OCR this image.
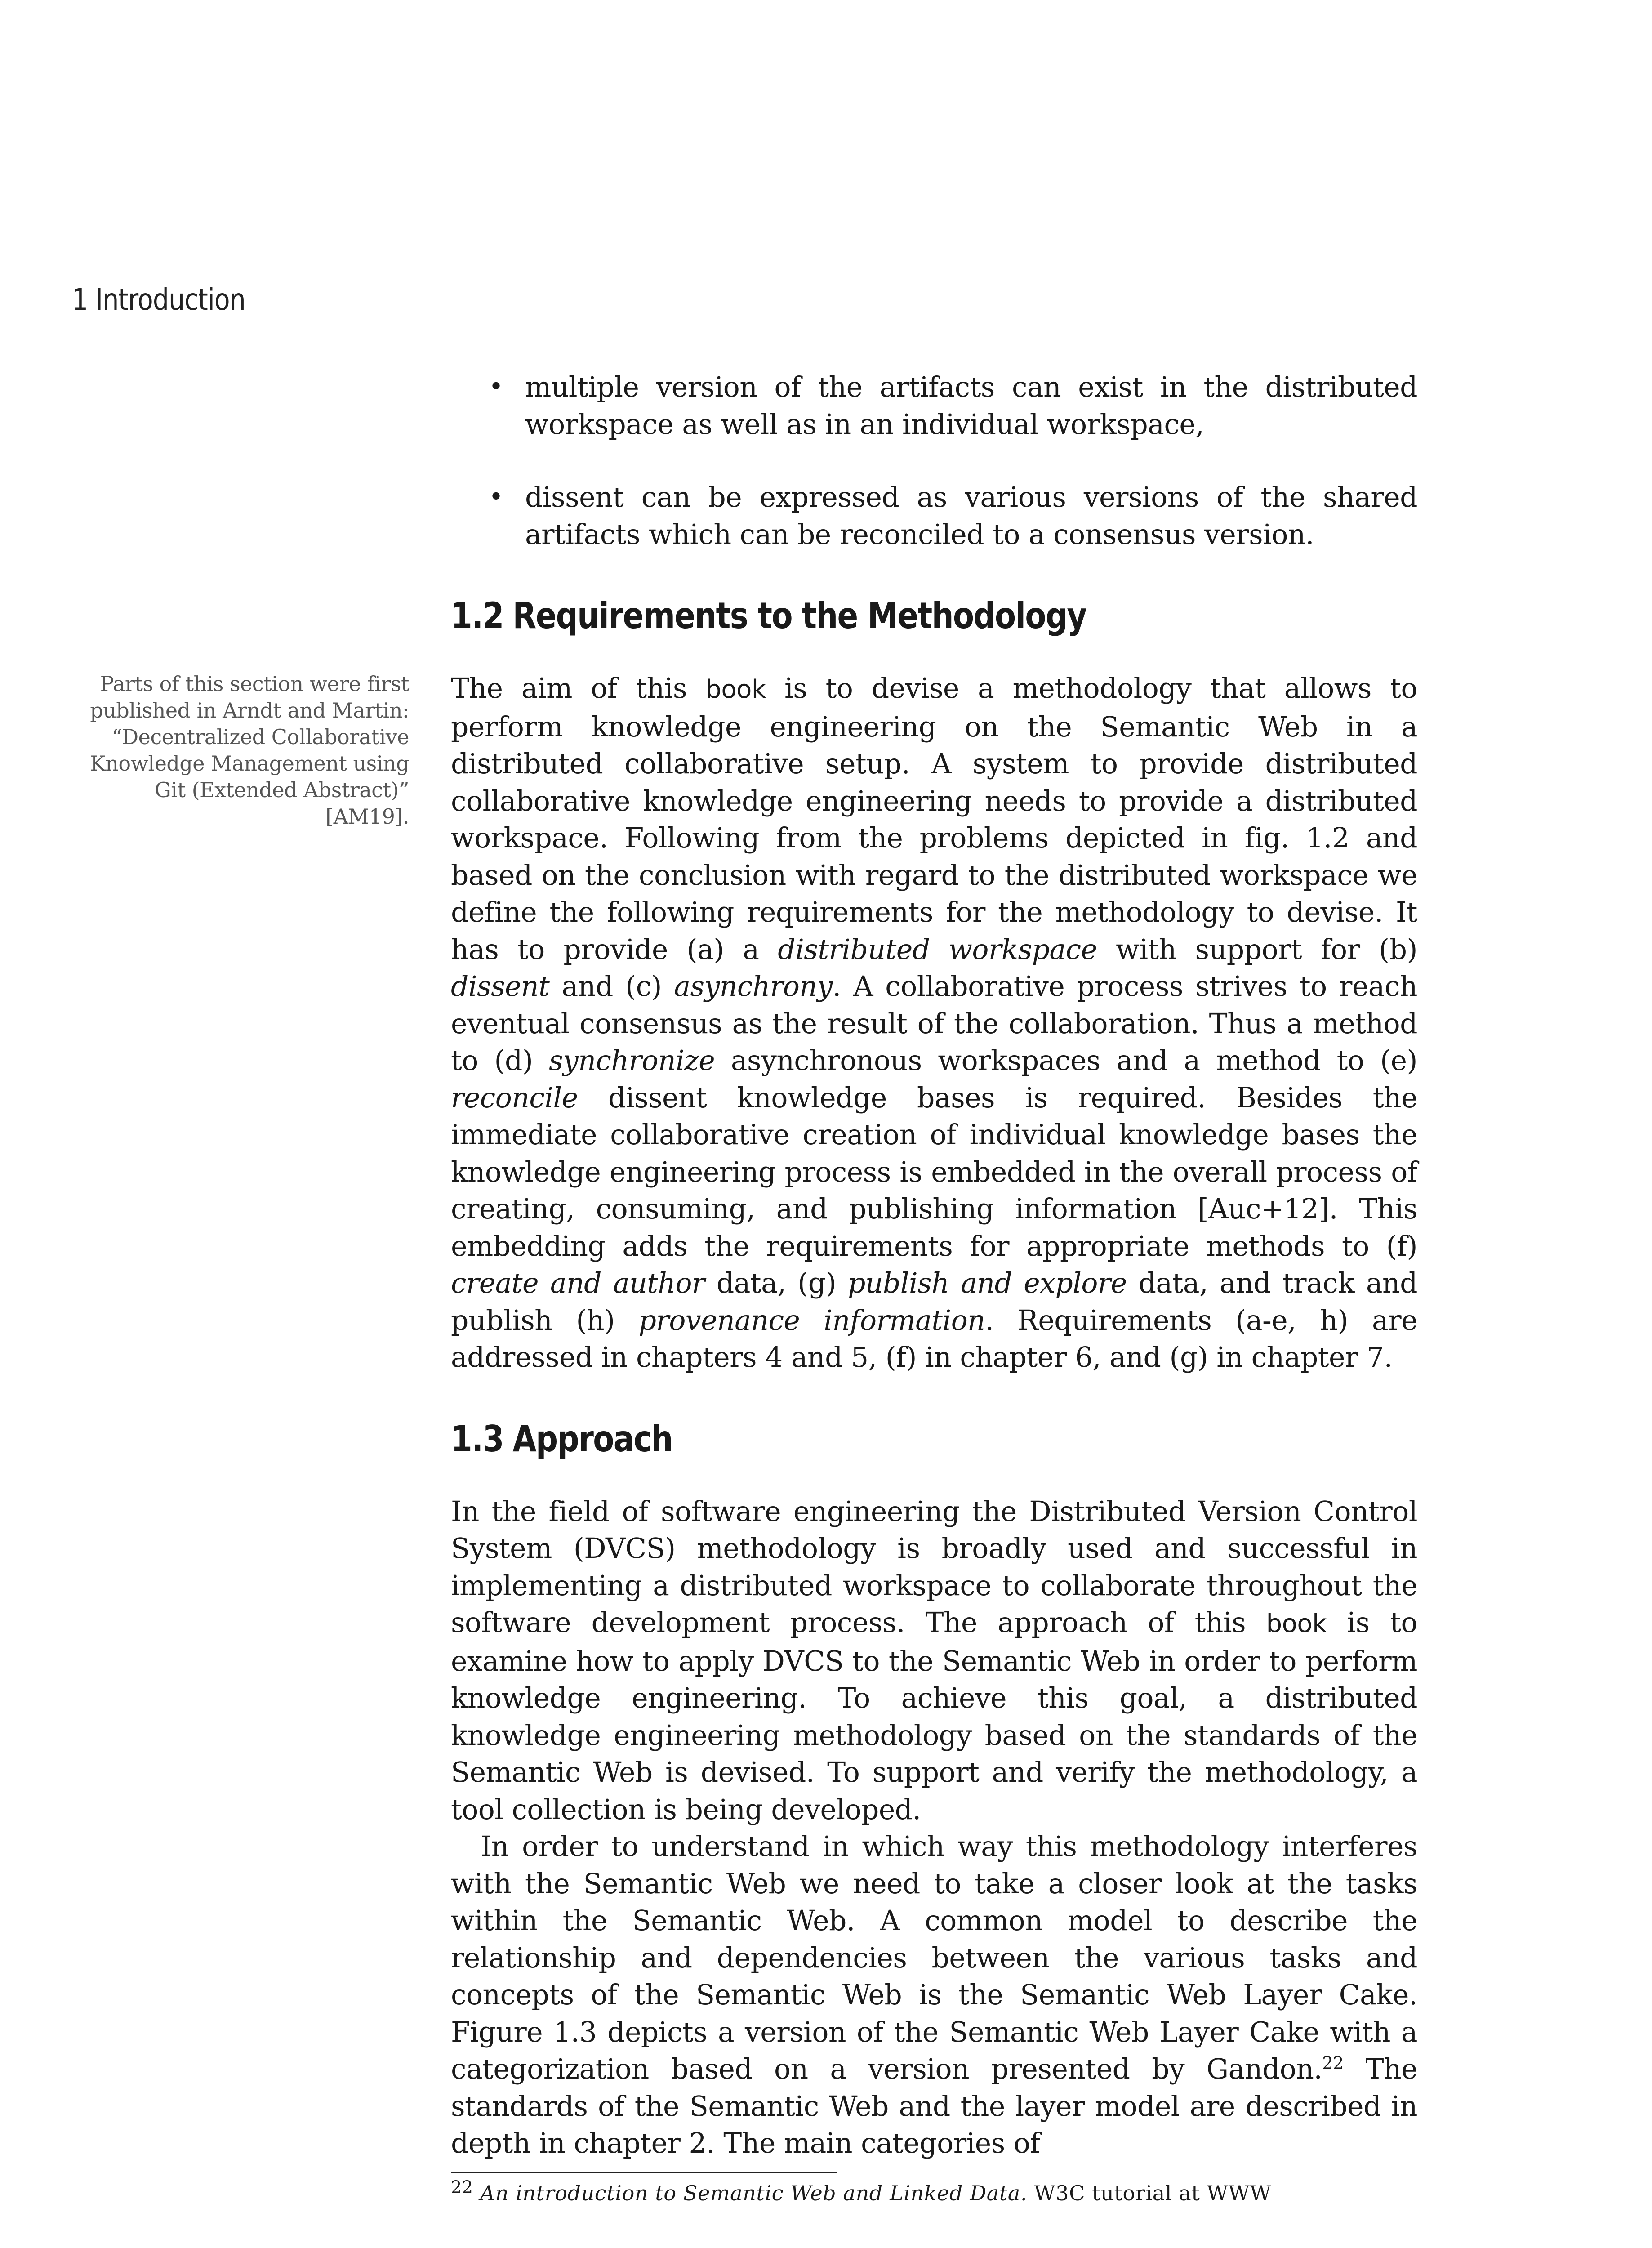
1 Introduction
Parts of this section were first published in Arndt and Martin: “Decentralized Collaborative Knowledge Management using Git (Extended Abstract)” [AM19].
• multiple version of the artifacts can exist in the distributed workspace as well as in an individual workspace,
• dissent can be expressed as various versions of the shared artifacts which can be reconciled to a consensus version.
1.2 Requirements to the Methodology

The aim of this book is to devise a methodology that allows to perform knowledge engineering on the Semantic Web in a distributed collaborative setup. A system to provide distributed collaborative knowledge engineering needs to provide a distributed workspace. Following from the problems depicted in fig. 1.2 and based on the conclusion with regard to the distributed workspace we define the following requirements for the methodology to devise. It has to provide (a) a distributed workspace with support for (b) dissent and (c) asynchrony. A collaborative process strives to reach eventual consensus as the result of the collaboration. Thus a method to (d) synchronize asynchronous workspaces and a method to (e) reconcile dissent knowledge bases is required. Besides the immediate collaborative creation of individual knowledge bases the knowledge engineering process is embedded in the overall process of creating, consuming, and publishing information [Auc+12]. This embedding adds the requirements for appropriate methods to (f) create and author data, (g) publish and explore data, and track and publish (h) provenance information. Requirements (a-e, h) are addressed in chapters 4 and 5, (f) in chapter 6, and (g) in chapter 7.

1.3 Approach

In the field of software engineering the Distributed Version Control System (DVCS) methodology is broadly used and successful in implementing a distributed workspace to collaborate throughout the software development process. The approach of this book is to examine how to apply DVCS to the Semantic Web in order to perform knowledge engineering. To achieve this goal, a distributed knowledge engineering methodology based on the standards of the Semantic Web is devised. To support and verify the methodology, a tool collection is being developed.

In order to understand in which way this methodology interferes with the Semantic Web we need to take a closer look at the tasks within the Semantic Web. A common model to describe the relationship and dependencies between the various tasks and concepts of the Semantic Web is the Semantic Web Layer Cake. Figure 1.3 depicts a version of the Semantic Web Layer Cake with a categorization based on a version presented by Gandon.$^{22}$ The standards of the Semantic Web and the layer model are described in depth in chapter 2. The main categories of

$^{22}$ An introduction to Semantic Web and Linked Data. W3C tutorial at WWW
